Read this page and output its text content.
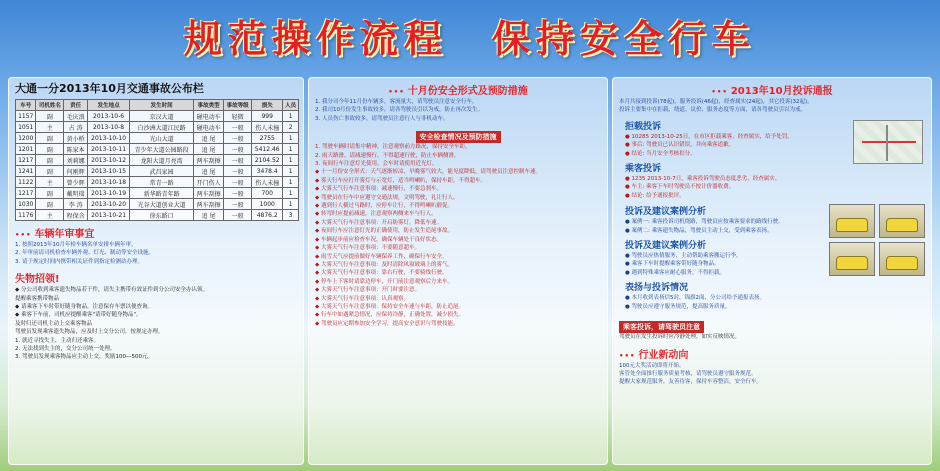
规范操作流程 保持安全行车
大通一分2013年10月交通事故公布栏
车号	司机姓名	责任	发生地点	发生时间	事故类型	事故等级	损失	人员
1157	副	毛庆浪	2013-10-6	京汉大道	碰电动车	轻微	999	1
1051	主	占 涛	2013-10-8	白沙洲大道江民路	碰电动车	一般	伤人未撞	2
1200	副	黄小桥	2013-10-10	光山大道	追 尾	一般	2755	1
1201	副	陈家本	2013-10-11	青少年大道公园路段	追 尾	一般	5412.46	1
1217	副	刘莉娜	2013-10-12	龙阳大道月亮湾	两车刮擦	一般	2104.52	1
1241	副	何刚辉	2013-10-15	武昌家园	追 尾	一般	3478.4	1
1122	主	曾少辉	2013-10-18	常青一路	开门伤人	一般	伤人未撞	1
1217	副	戴明瑞	2013-10-19	新华路青年路	两车刮擦	一般	700	1
1030	副	李 涛	2013-10-20	光谷大道创业大道	两车刮擦	一般	1000	1
1176	主	程保含	2013-10-21	徐东路口	追 尾	一般	4876.2	3
••• 车辆年审事宜
1. 按照2013年10月年检车辆名单安排车辆年审。
2. 年审前请司机检查车辆外观、灯光、制动等安全设施。
3. 请于规定时间内携带相关证件到指定检测站办理。
失物招领!
◆ 分公司收到乘客遗失物品若干件，请失主携带有效证件到分公司安全办认领。
提醒乘客携带物品
◆ 请乘客下车时带好随身物品，注意保存车票以便查询。
◆ 乘客下车前，司机应提醒乘客"请带好随身物品"。
及时归还司机主动上交乘客物品
驾驶员发现乘客遗失物品，应及时上交分公司，按规定办理。
1. 就近寻找失主，主动归还乘客。
2. 无法找到失主的，交分公司统一处理。
3. 驾驶员发现乘客物品应主动上交，奖励100—500元。
••• 十月份安全形式及预防措施
1. 我分司今年11月份车辆多，客流量大，请驾驶员注意安全行车。
2. 我司10月份发生事故较多，请各驾驶员引以为戒，防止再次发生。
3. 人员伤亡事故较多，请驾驶员注意行人与非机动车。
安全检查情况及预防措施
1. 驾驶车辆时请集中精神，注意观察前方路况，保持安全车距。
2. 雨天路滑，请减速慢行，不得超速行驶，防止车辆侧滑。
3. 夜间行车注意灯光使用，会车时请使用近光灯。
◆ 十一月份安全形式：天气逐渐转凉，早晚雾气较大，能见度降低，请驾驶员注意控制车速。
◆ 雾天行车应打开雾灯与示宽灯，适当鸣喇叭，保持车距，不得超车。
◆ 大雾天气行车注意事项：减速慢行，不要急刹车。
◆ 驾驶员在行车中应遵守交通法规，文明驾驶，礼让行人。
◆ 遇到行人横过马路时，应停车让行，不得鸣喇叭催促。
◆ 转弯时应提前减速，注意观察两侧来车与行人。
◆ 大雾天气行车注意事项：开启防雾灯，降低车速。
◆ 夜间行车应注意灯光的正确使用，防止发生追尾事故。
◆ 车辆起步前应检查车况，确保车辆处于良好状态。
◆ 大雾天气行车注意事项：不要随意超车。
◆ 雨雪天气应提前做好车辆保养工作，确保行车安全。
◆ 大雾天气行车注意事项：及时清除风窗玻璃上的雾气。
◆ 大雾天气行车注意事项：靠右行驶，不要骑线行驶。
◆ 停车上下客时请靠边停车，开门前注意观察后方来车。
◆ 大雾天气行车注意事项：开门时要注意。
◆ 大雾天气行车注意事项：认真观察。
◆ 大雾天气行车注意事项：保持安全车速与车距，防止追尾。
◆ 行车中如遇紧急情况，应保持冷静，正确处置，减少损失。
◆ 驾驶员应定期参加安全学习，提高安全意识与驾驶技能。
••• 2013年10月投诉通报
本月共接到投诉(78起)，服务投诉(46起)，经查属实(24起)，其它投诉(32起)。
投诉主要集中在拒载、绕道、议价、服务态度等方面，请各驾驶员引以为戒。
拒载投诉
● 10285 2013-10-25日，在市区拒载乘客，经查属实，给予处罚。
● 事后: 驾驶员已认识错误，并向乘客道歉。
● 结论: 当月安全考核扣分。
乘客投诉
● 1235 2013-10-7日，乘客投诉驾驶员态度恶劣，经查属实。
● 车主: 乘客下车时驾驶员不按计价器收费。
● 结论: 给予通报批评。
投诉及建议案例分析
● 案例一: 乘客投诉司机绕路，驾驶员应按乘客要求的路线行驶。
● 案例二: 乘客遗失物品，驾驶员主动上交，受到乘客表扬。
投诉及建议案例分析
● 驾驶员应热情服务，主动帮助乘客搬运行李。
● 乘客下车时提醒乘客带好随身物品。
● 遇到特殊乘客应耐心服务，不得拒载。
表扬与投诉情况
● 本月收到表扬信5封，锦旗2面，分公司给予通报表扬。
● 驾驶员应遵守服务规范，提高服务质量。
乘客投诉，请驾驶员注意
驾驶员在发生投诉时应冷静处理，如实反映情况。
••• 行业新动向
100元大奖活动即将开始。
客管处全面推行服务质量考核，请驾驶员遵守服务规范。
提醒大家规范服务，友善待客，保持车容整洁，安全行车。
